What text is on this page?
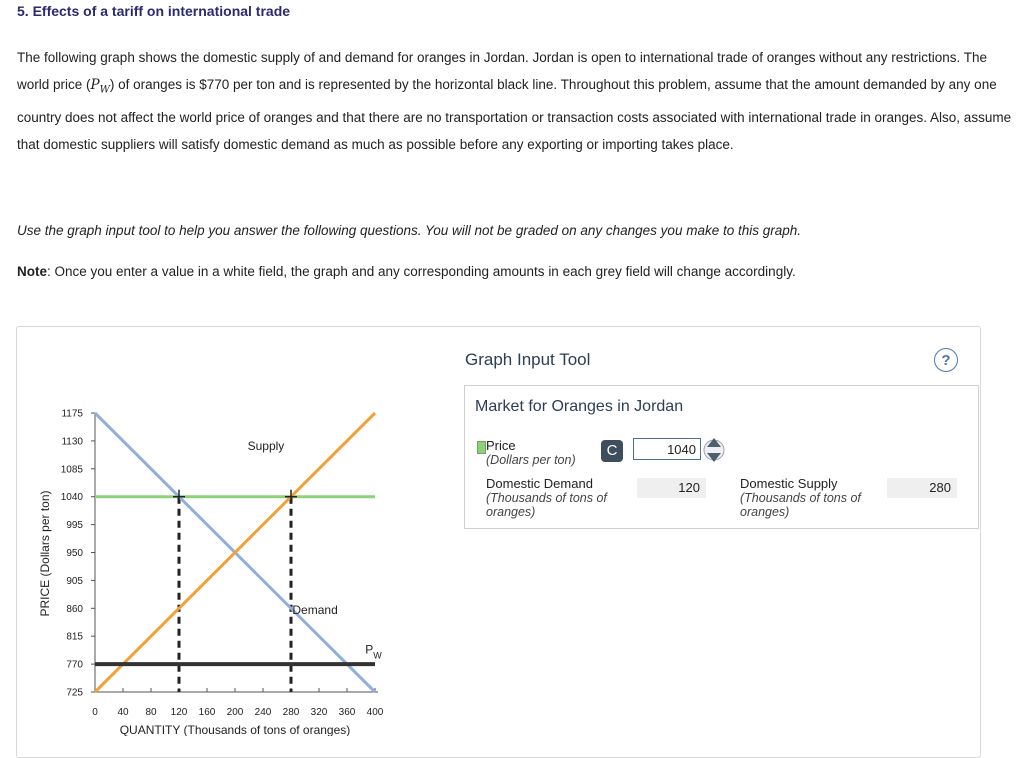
5. Effects of a tariff on international trade
The following graph shows the domestic supply of and demand for oranges in Jordan. Jordan is open to international trade of oranges without any restrictions. The world price $(P_W)$ of oranges is $770 per ton and is represented by the horizontal black line. Throughout this problem, assume that the amount demanded by any one country does not affect the world price of oranges and that there are no transportation or transaction costs associated with international trade in oranges. Also, assume that domestic suppliers will satisfy domestic demand as much as possible before any exporting or importing takes place.
Use the graph input tool to help you answer the following questions. You will not be graded on any changes you make to this graph.
Note: Once you enter a value in a white field, the graph and any corresponding amounts in each grey field will change accordingly.
725
770
815
860
905
950
995
1040
1085
1130
1175
0 40 80 120 160 200 240 280 320 360 400
QUANTITY (Thousands of tons of oranges)
PRICE (Dollars per ton)
Supply
Demand
P W
Graph Input Tool	?
Market for Oranges in Jordan
Price
(Dollars per ton)
C
1040
Domestic Demand
(Thousands of tons of oranges)
120	Domestic Supply
(Thousands of tons of oranges)
280
